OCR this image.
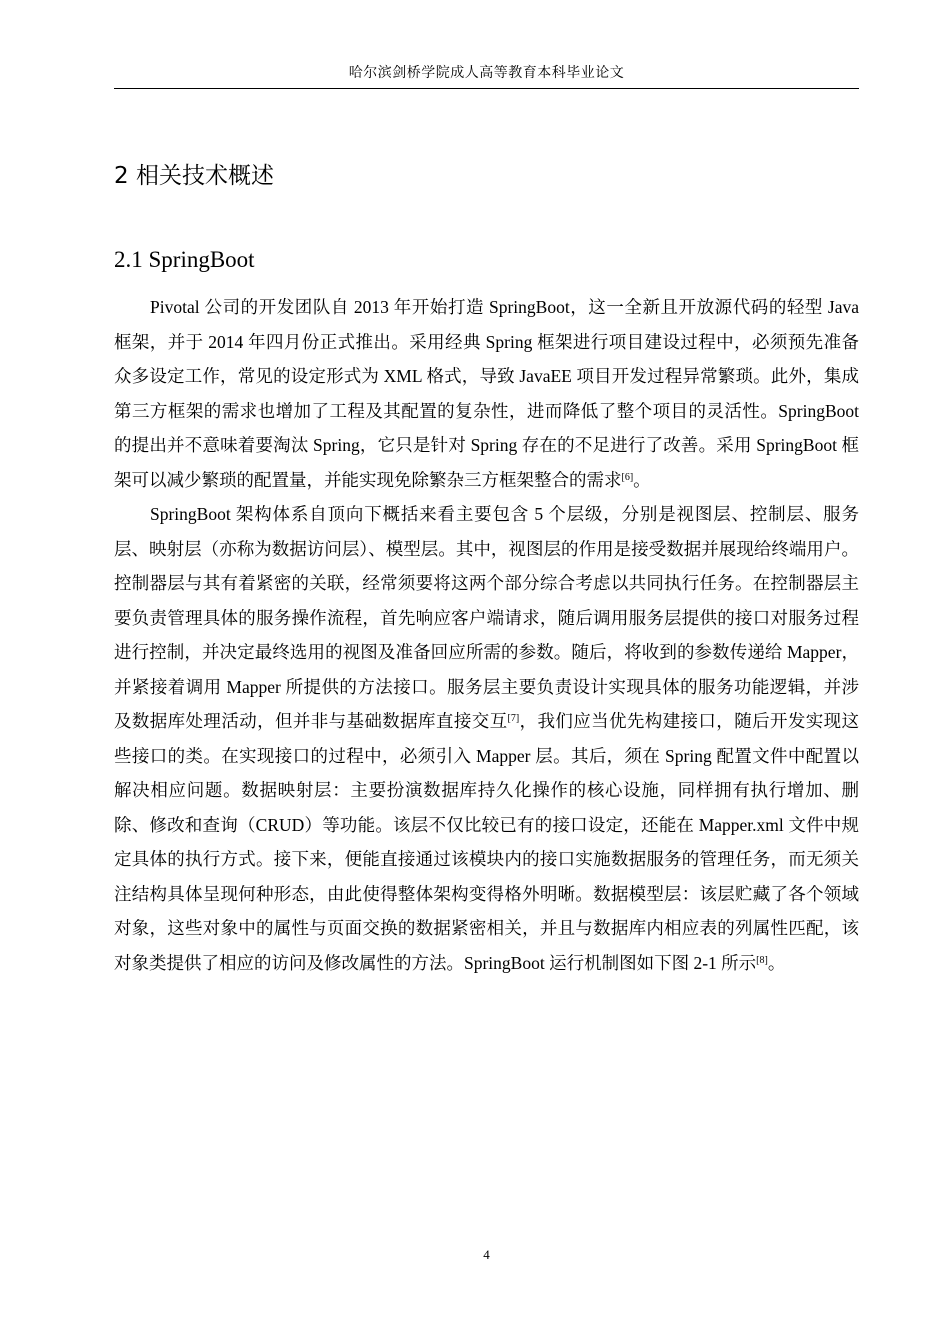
哈尔滨剑桥学院成人高等教育本科毕业论文
2 相关技术概述
2.1 SpringBoot

Pivotal 公司的开发团队自 2013 年开始打造 SpringBoot，这一全新且开放源代码的轻型 Java 框架，并于 2014 年四月份正式推出。采用经典 Spring 框架进行项目建设过程中，必须预先准备众多设定工作，常见的设定形式为 XML 格式，导致 JavaEE 项目开发过程异常繁琐。此外，集成第三方框架的需求也增加了工程及其配置的复杂性，进而降低了整个项目的灵活性。SpringBoot 的提出并不意味着要淘汰 Spring，它只是针对 Spring 存在的不足进行了改善。采用 SpringBoot 框架可以减少繁琐的配置量，并能实现免除繁杂三方框架整合的需求[6]。

SpringBoot 架构体系自顶向下概括来看主要包含 5 个层级，分别是视图层、控制层、服务层、映射层（亦称为数据访问层）、模型层。其中，视图层的作用是接受数据并展现给终端用户。控制器层与其有着紧密的关联，经常须要将这两个部分综合考虑以共同执行任务。在控制器层主要负责管理具体的服务操作流程，首先响应客户端请求，随后调用服务层提供的接口对服务过程进行控制，并决定最终选用的视图及准备回应所需的参数。随后，将收到的参数传递给 Mapper，并紧接着调用 Mapper 所提供的方法接口。服务层主要负责设计实现具体的服务功能逻辑，并涉及数据库处理活动，但并非与基础数据库直接交互[7]，我们应当优先构建接口，随后开发实现这些接口的类。在实现接口的过程中，必须引入 Mapper 层。其后，须在 Spring 配置文件中配置以解决相应问题。数据映射层：主要扮演数据库持久化操作的核心设施，同样拥有执行增加、删除、修改和查询（CRUD）等功能。该层不仅比较已有的接口设定，还能在 Mapper.xml 文件中规定具体的执行方式。接下来，便能直接通过该模块内的接口实施数据服务的管理任务，而无须关注结构具体呈现何种形态，由此使得整体架构变得格外明晰。数据模型层：该层贮藏了各个领域对象，这些对象中的属性与页面交换的数据紧密相关，并且与数据库内相应表的列属性匹配，该对象类提供了相应的访问及修改属性的方法。SpringBoot 运行机制图如下图 2-1 所示[8]。

4
